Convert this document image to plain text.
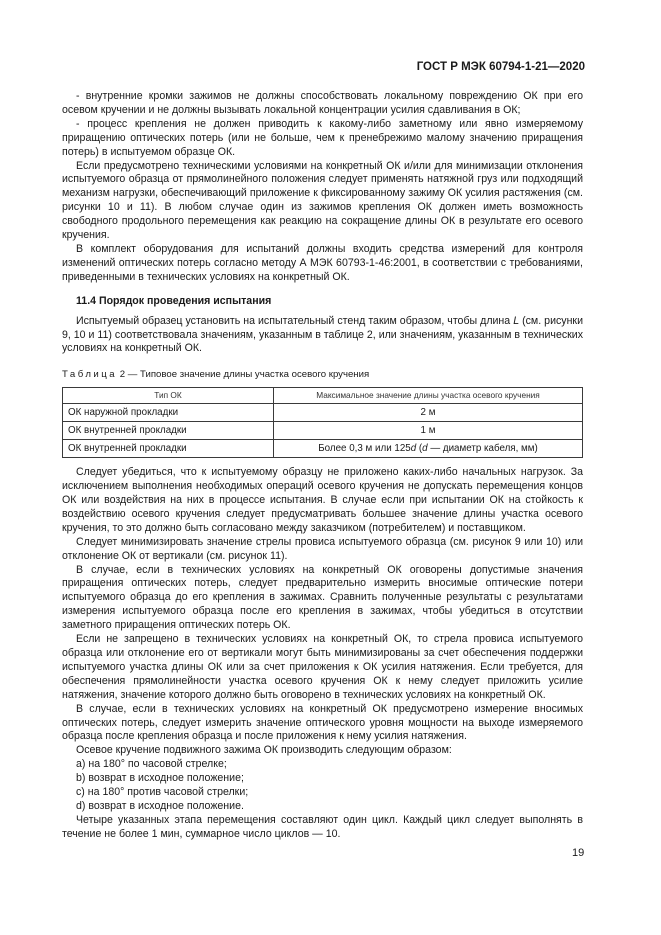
ГОСТ Р МЭК 60794-1-21—2020

- внутренние кромки зажимов не должны способствовать локальному повреждению ОК при его осевом кручении и не должны вызывать локальной концентрации усилия сдавливания в ОК;

- процесс крепления не должен приводить к какому-либо заметному или явно измеряемому приращению оптических потерь (или не больше, чем к пренебрежимо малому значению приращения потерь) в испытуемом образце ОК.

Если предусмотрено техническими условиями на конкретный ОК и/или для минимизации отклонения испытуемого образца от прямолинейного положения следует применять натяжной груз или подходящий механизм нагрузки, обеспечивающий приложение к фиксированному зажиму ОК усилия растяжения (см. рисунки 10 и 11). В любом случае один из зажимов крепления ОК должен иметь возможность свободного продольного перемещения как реакцию на сокращение длины ОК в результате его осевого кручения.

В комплект оборудования для испытаний должны входить средства измерений для контроля изменений оптических потерь согласно методу А МЭК 60793-1-46:2001, в соответствии с требованиями, приведенными в технических условиях на конкретный ОК.

11.4 Порядок проведения испытания

Испытуемый образец установить на испытательный стенд таким образом, чтобы длина L (см. рисунки 9, 10 и 11) соответствовала значениям, указанным в таблице 2, или значениям, указанным в технических условиях на конкретный ОК.

Таблица 2 — Типовое значение длины участка осевого кручения

Тип ОК	Максимальное значение длины участка осевого кручения
ОК наружной прокладки	2 м
ОК внутренней прокладки	1 м
ОК внутренней прокладки	Более 0,3 м или 125d (d — диаметр кабеля, мм)

Следует убедиться, что к испытуемому образцу не приложено каких-либо начальных нагрузок. За исключением выполнения необходимых операций осевого кручения не допускать перемещения концов ОК или воздействия на них в процессе испытания. В случае если при испытании ОК на стойкость к воздействию осевого кручения следует предусматривать большее значение длины участка осевого кручения, то это должно быть согласовано между заказчиком (потребителем) и поставщиком.

Следует минимизировать значение стрелы провиса испытуемого образца (см. рисунок 9 или 10) или отклонение ОК от вертикали (см. рисунок 11).

В случае, если в технических условиях на конкретный ОК оговорены допустимые значения приращения оптических потерь, следует предварительно измерить вносимые оптические потери испытуемого образца до его крепления в зажимах. Сравнить полученные результаты с результатами измерения испытуемого образца после его крепления в зажимах, чтобы убедиться в отсутствии заметного приращения оптических потерь ОК.

Если не запрещено в технических условиях на конкретный ОК, то стрела провиса испытуемого образца или отклонение его от вертикали могут быть минимизированы за счет обеспечения поддержки испытуемого участка длины ОК или за счет приложения к ОК усилия натяжения. Если требуется, для обеспечения прямолинейности участка осевого кручения ОК к нему следует приложить усилие натяжения, значение которого должно быть оговорено в технических условиях на конкретный ОК.

В случае, если в технических условиях на конкретный ОК предусмотрено измерение вносимых оптических потерь, следует измерить значение оптического уровня мощности на выходе измеряемого образца после крепления образца и после приложения к нему усилия натяжения.

Осевое кручение подвижного зажима ОК производить следующим образом:

a) на 180° по часовой стрелке;

b) возврат в исходное положение;

c) на 180° против часовой стрелки;

d) возврат в исходное положение.

Четыре указанных этапа перемещения составляют один цикл. Каждый цикл следует выполнять в течение не более 1 мин, суммарное число циклов — 10.

19
